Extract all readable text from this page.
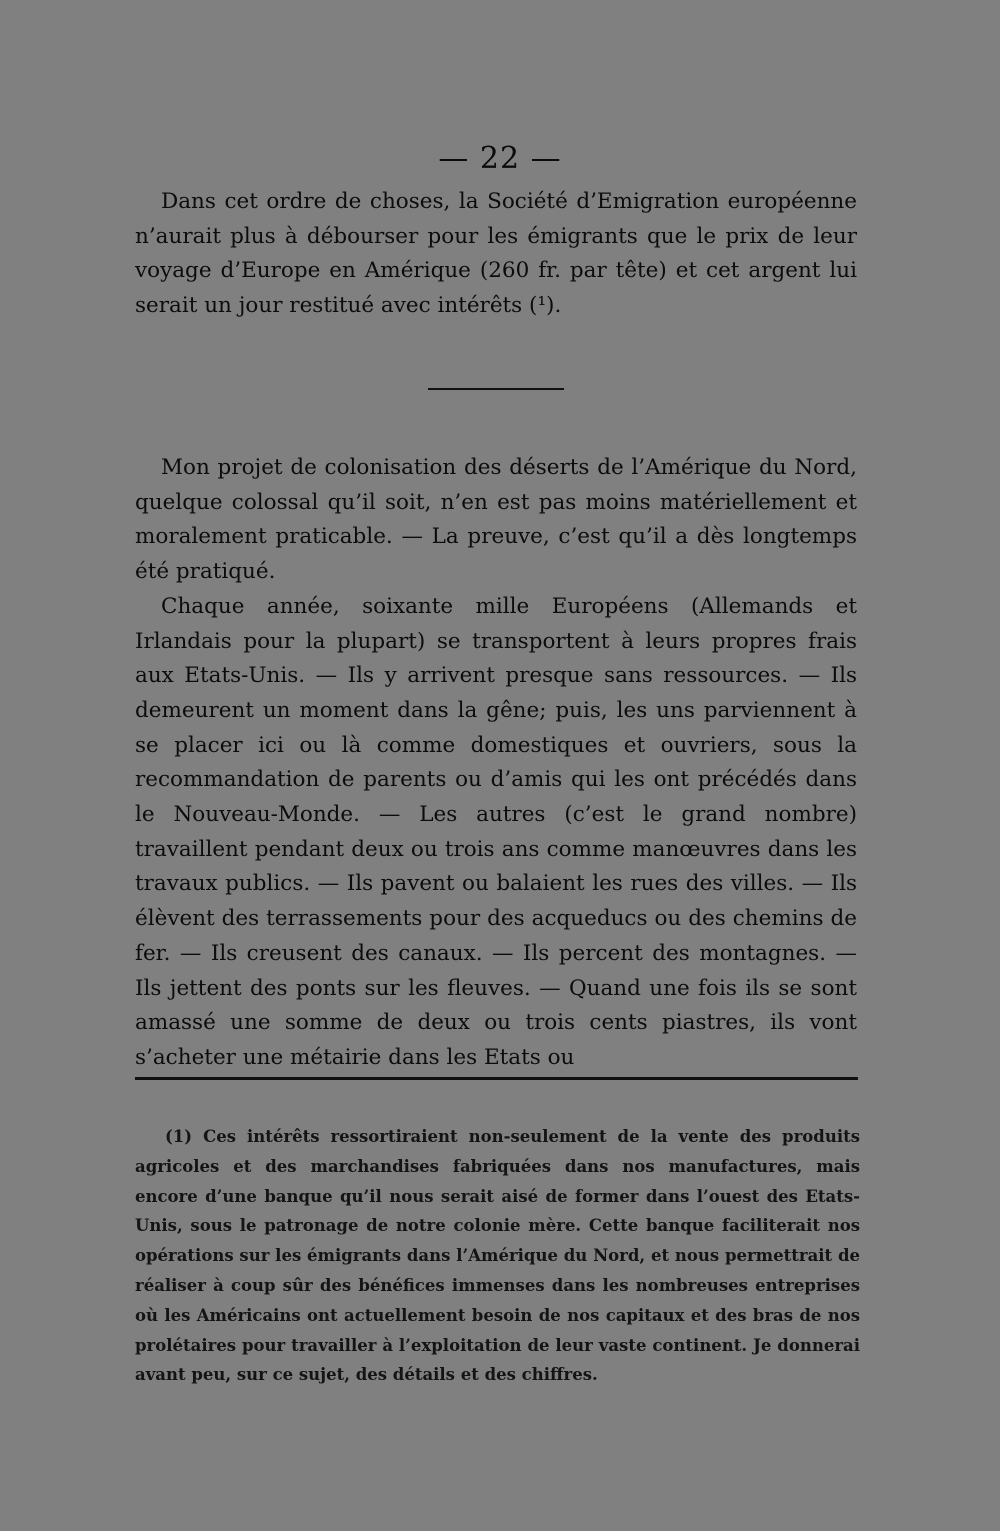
— 22 —

Dans cet ordre de choses, la Société d’Emigration européenne n’aurait plus à débourser pour les émigrants que le prix de leur voyage d’Europe en Amérique (260 fr. par tête) et cet argent lui serait un jour restitué avec intérêts (¹).

Mon projet de colonisation des déserts de l’Amérique du Nord, quelque colossal qu’il soit, n’en est pas moins matériellement et moralement praticable. — La preuve, c’est qu’il a dès longtemps été pratiqué.

Chaque année, soixante mille Européens (Allemands et Irlandais pour la plupart) se transportent à leurs propres frais aux Etats-Unis. — Ils y arrivent presque sans ressources. — Ils demeurent un moment dans la gêne; puis, les uns parviennent à se placer ici ou là comme domestiques et ouvriers, sous la recommandation de parents ou d’amis qui les ont précédés dans le Nouveau-Monde. — Les autres (c’est le grand nombre) travaillent pendant deux ou trois ans comme manœuvres dans les travaux publics. — Ils pavent ou balaient les rues des villes. — Ils élèvent des terrassements pour des acqueducs ou des chemins de fer. — Ils creusent des canaux. — Ils percent des montagnes. — Ils jettent des ponts sur les fleuves. — Quand une fois ils se sont amassé une somme de deux ou trois cents piastres, ils vont s’acheter une métairie dans les Etats ou

(1) Ces intérêts ressortiraient non-seulement de la vente des produits agricoles et des marchandises fabriquées dans nos manufactures, mais encore d’une banque qu’il nous serait aisé de former dans l’ouest des Etats-Unis, sous le patronage de notre colonie mère. Cette banque faciliterait nos opérations sur les émigrants dans l’Amérique du Nord, et nous permettrait de réaliser à coup sûr des bénéfices immenses dans les nombreuses entreprises où les Américains ont actuellement besoin de nos capitaux et des bras de nos prolétaires pour travailler à l’exploitation de leur vaste continent. Je donnerai avant peu, sur ce sujet, des détails et des chiffres.
